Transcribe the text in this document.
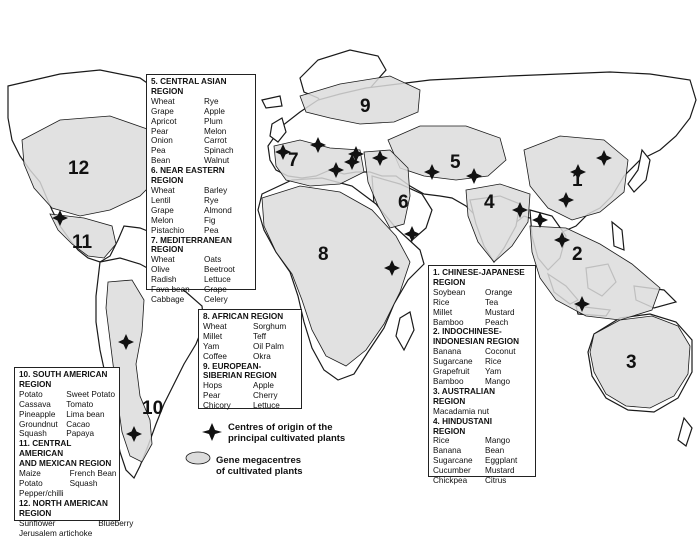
1
2
3
4
5
6
7
8
9
10
11
12
5. CENTRAL ASIAN
REGION
Wheat	Rye
Grape	Apple
Apricot	Plum
Pear	Melon
Onion	Carrot
Pea	Spinach
Bean	Walnut
6. NEAR EASTERN
REGION
Wheat	Barley
Lentil	Rye
Grape	Almond
Melon	Fig
Pistachio	Pea
7. MEDITERRANEAN
REGION
Wheat	Oats
Olive	Beetroot
Radish	Lettuce
Fava bean	Grape
Cabbage	Celery
8. AFRICAN REGION
Wheat	Sorghum
Millet	Teff
Yam	Oil Palm
Coffee	Okra
9. EUROPEAN-
SIBERIAN REGION
Hops	Apple
Pear	Cherry
Chicory	Lettuce
1. CHINESE-JAPANESE
REGION
Soybean	Orange
Rice	Tea
Millet	Mustard
Bamboo	Peach
2. INDOCHINESE-
INDONESIAN REGION
Banana	Coconut
Sugarcane	Rice
Grapefruit	Yam
Bamboo	Mango
3. AUSTRALIAN
REGION
Macadamia nut
4. HINDUSTANI
REGION
Rice	Mango
Banana	Bean
Sugarcane	Eggplant
Cucumber	Mustard
Chickpea	Citrus
10. SOUTH AMERICAN
REGION
Potato	Sweet Potato
Cassava	Tomato
Pineapple	Lima bean
Groundnut	Cacao
Squash	Papaya
11. CENTRAL AMERICAN
AND MEXICAN REGION
Maize	French Bean
Potato	Squash
Pepper/chilli
12. NORTH AMERICAN
REGION
Sunflower	Blueberry
Jerusalem artichoke
Centres of origin of the
principal cultivated plants
Gene megacentres
of cultivated plants
